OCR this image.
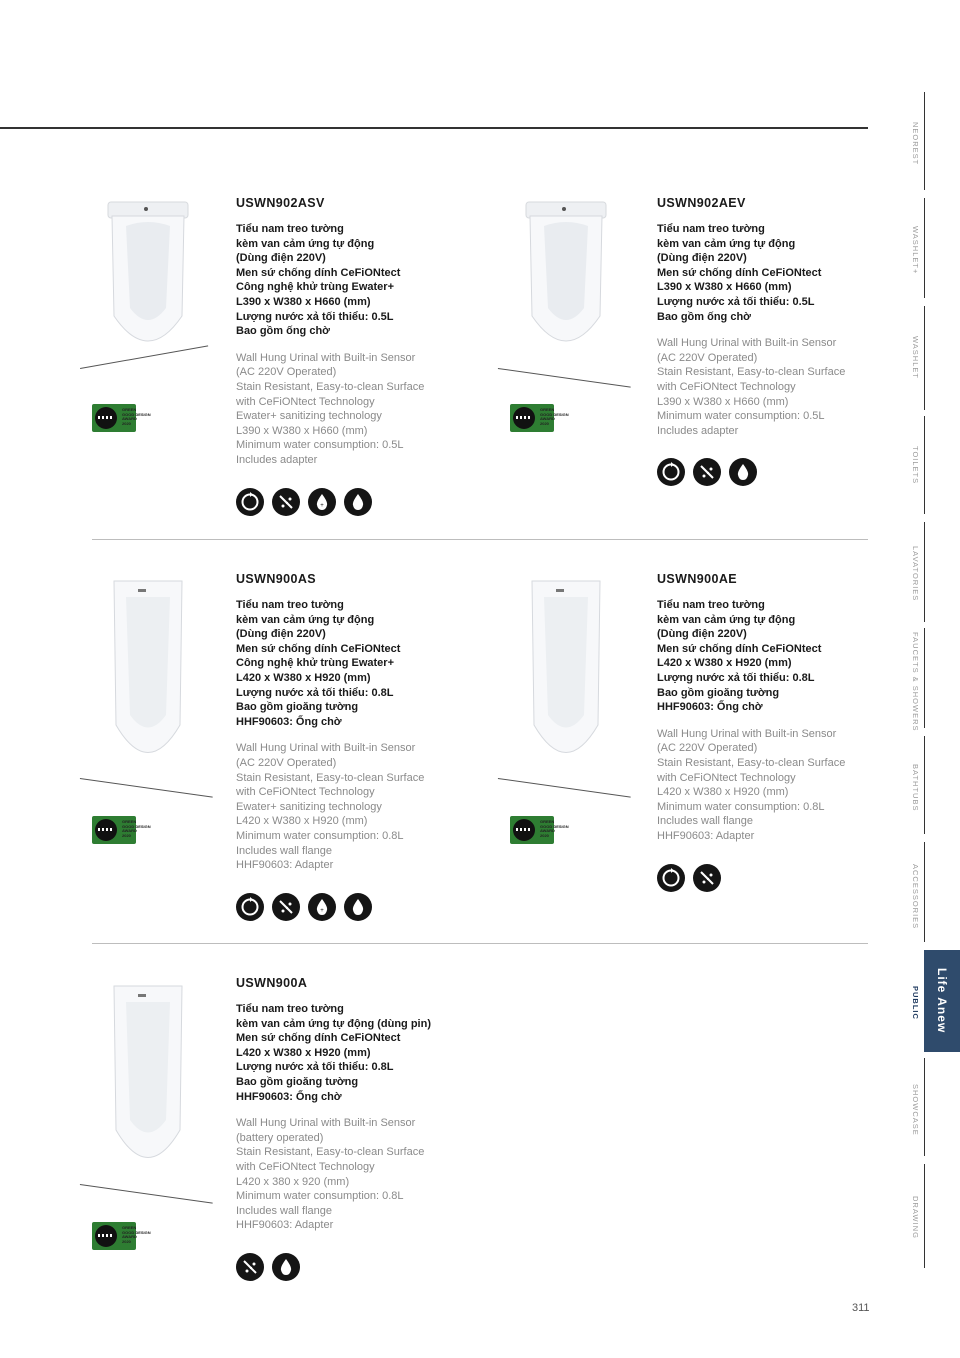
GREEN
GOOD DESIGN
AWARD
2020
GREEN
GOOD DESIGN
AWARD
2020
GREEN
GOOD DESIGN
AWARD
2020
GREEN
GOOD DESIGN
AWARD
2020
GREEN
GOOD DESIGN
AWARD
2020
USWN902ASV
Tiểu nam treo tường
kèm van cảm ứng tự động
(Dùng điện 220V)
Men sứ chống dính CeFiONtect
Công nghệ khử trùng Ewater+
L390 x W380 x H660 (mm)
Lượng nước xả tối thiểu: 0.5L
Bao gồm ống chờ
Wall Hung Urinal with Built-in Sensor
(AC 220V Operated)
Stain Resistant, Easy-to-clean Surface
with CeFiONtect Technology
Ewater+ sanitizing technology
L390 x W380 x H660 (mm)
Minimum water consumption: 0.5L
Includes adapter
+
USWN902AEV
Tiểu nam treo tường
kèm van cảm ứng tự động
(Dùng điện 220V)
Men sứ chống dính CeFiONtect
L390 x W380 x H660 (mm)
Lượng nước xả tối thiểu: 0.5L
Bao gồm ống chờ
Wall Hung Urinal with Built-in Sensor
(AC 220V Operated)
Stain Resistant, Easy-to-clean Surface
with CeFiONtect Technology
L390 x W380 x H660 (mm)
Minimum water consumption: 0.5L
Includes adapter
USWN900AS
Tiểu nam treo tường
kèm van cảm ứng tự động
(Dùng điện 220V)
Men sứ chống dính CeFiONtect
Công nghệ khử trùng Ewater+
L420 x W380 x H920 (mm)
Lượng nước xả tối thiểu: 0.8L
Bao gồm gioăng tường
HHF90603: Ống chờ
Wall Hung Urinal with Built-in Sensor
(AC 220V Operated)
Stain Resistant, Easy-to-clean Surface
with CeFiONtect Technology
Ewater+ sanitizing technology
L420 x W380 x H920 (mm)
Minimum water consumption: 0.8L
Includes wall flange
HHF90603: Adapter
+
USWN900AE
Tiểu nam treo tường
kèm van cảm ứng tự động
(Dùng điện 220V)
Men sứ chống dính CeFiONtect
L420 x W380 x H920 (mm)
Lượng nước xả tối thiểu: 0.8L
Bao gồm gioăng tường
HHF90603: Ống chờ
Wall Hung Urinal with Built-in Sensor
(AC 220V Operated)
Stain Resistant, Easy-to-clean Surface
with CeFiONtect Technology
L420 x W380 x H920 (mm)
Minimum water consumption: 0.8L
Includes wall flange
HHF90603: Adapter
USWN900A
Tiểu nam treo tường
kèm van cảm ứng tự động (dùng pin)
Men sứ chống dính CeFiONtect
L420 x W380 x H920 (mm)
Lượng nước xả tối thiểu: 0.8L
Bao gồm gioăng tường
HHF90603: Ống chờ
Wall Hung Urinal with Built-in Sensor
(battery operated)
Stain Resistant, Easy-to-clean Surface
with CeFiONtect Technology
L420 x 380 x 920 (mm)
Minimum water consumption: 0.8L
Includes wall flange
HHF90603: Adapter
NEOREST
WASHLET+
WASHLET
TOILETS
LAVATORIES
FAUCETS & SHOWERS
BATHTUBS
ACCESSORIES
PUBLIC
SHOWCASE
DRAWING
Life Anew
311
